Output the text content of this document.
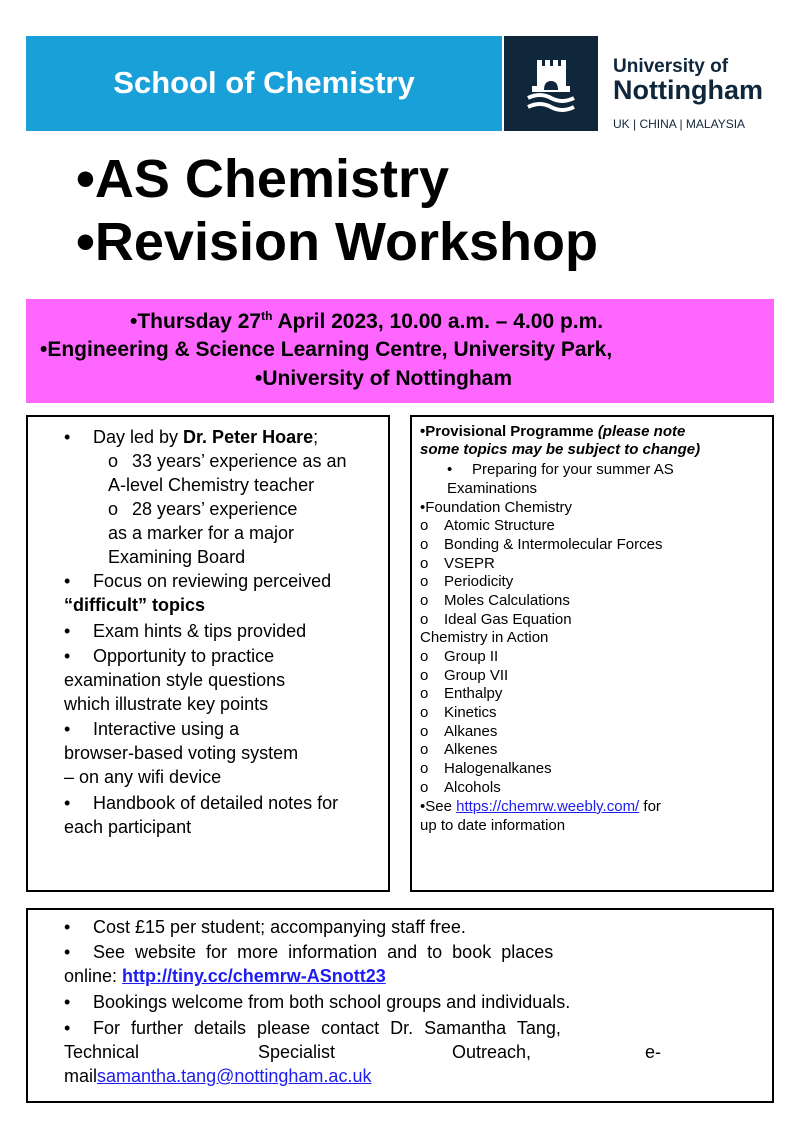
School of Chemistry	University of
Nottingham
UK | CHINA | MALAYSIA
•AS Chemistry
•Revision Workshop
•Thursday 27th April 2023, 10.00 a.m. – 4.00 p.m.
•Engineering & Science Learning Centre, University Park,
•University of Nottingham
• Day led by Dr. Peter Hoare;
o 33 years’ experience as an
A-level Chemistry teacher
o 28 years’ experience
as a marker for a major
Examining Board
• Focus on reviewing perceived
“difficult” topics
• Exam hints & tips provided
• Opportunity to practice
examination style questions
which illustrate key points
• Interactive using a
browser-based voting system
– on any wifi device
• Handbook of detailed notes for
each participant
•Provisional Programme (please note
some topics may be subject to change)
• Preparing for your summer AS
Examinations
•Foundation Chemistry
o Atomic Structure
o Bonding & Intermolecular Forces
o VSEPR
o Periodicity
o Moles Calculations
o Ideal Gas Equation
Chemistry in Action
o Group II
o Group VII
o Enthalpy
o Kinetics
o Alkanes
o Alkenes
o Halogenalkanes
o Alcohols
•See https://chemrw.weebly.com/ for
up to date information
• Cost £15 per student; accompanying staff free.
• See website for more information and to book places
online: http://tiny.cc/chemrw-ASnott23
• Bookings welcome from both school groups and individuals.
• For further details please contact Dr. Samantha Tang,
Technical	Specialist	Outreach,	e-
mailsamantha.tang@nottingham.ac.uk
